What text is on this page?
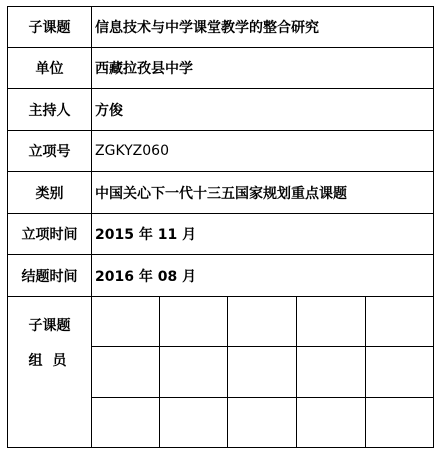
子课题	信息技术与中学课堂教学的整合研究
单位	西藏拉孜县中学
主持人	方俊
立项号	ZGKYZ060
类别	中国关心下一代十三五国家规划重点课题
立项时间	2015 年 11 月
结题时间	2016 年 08 月
子课题
组员
